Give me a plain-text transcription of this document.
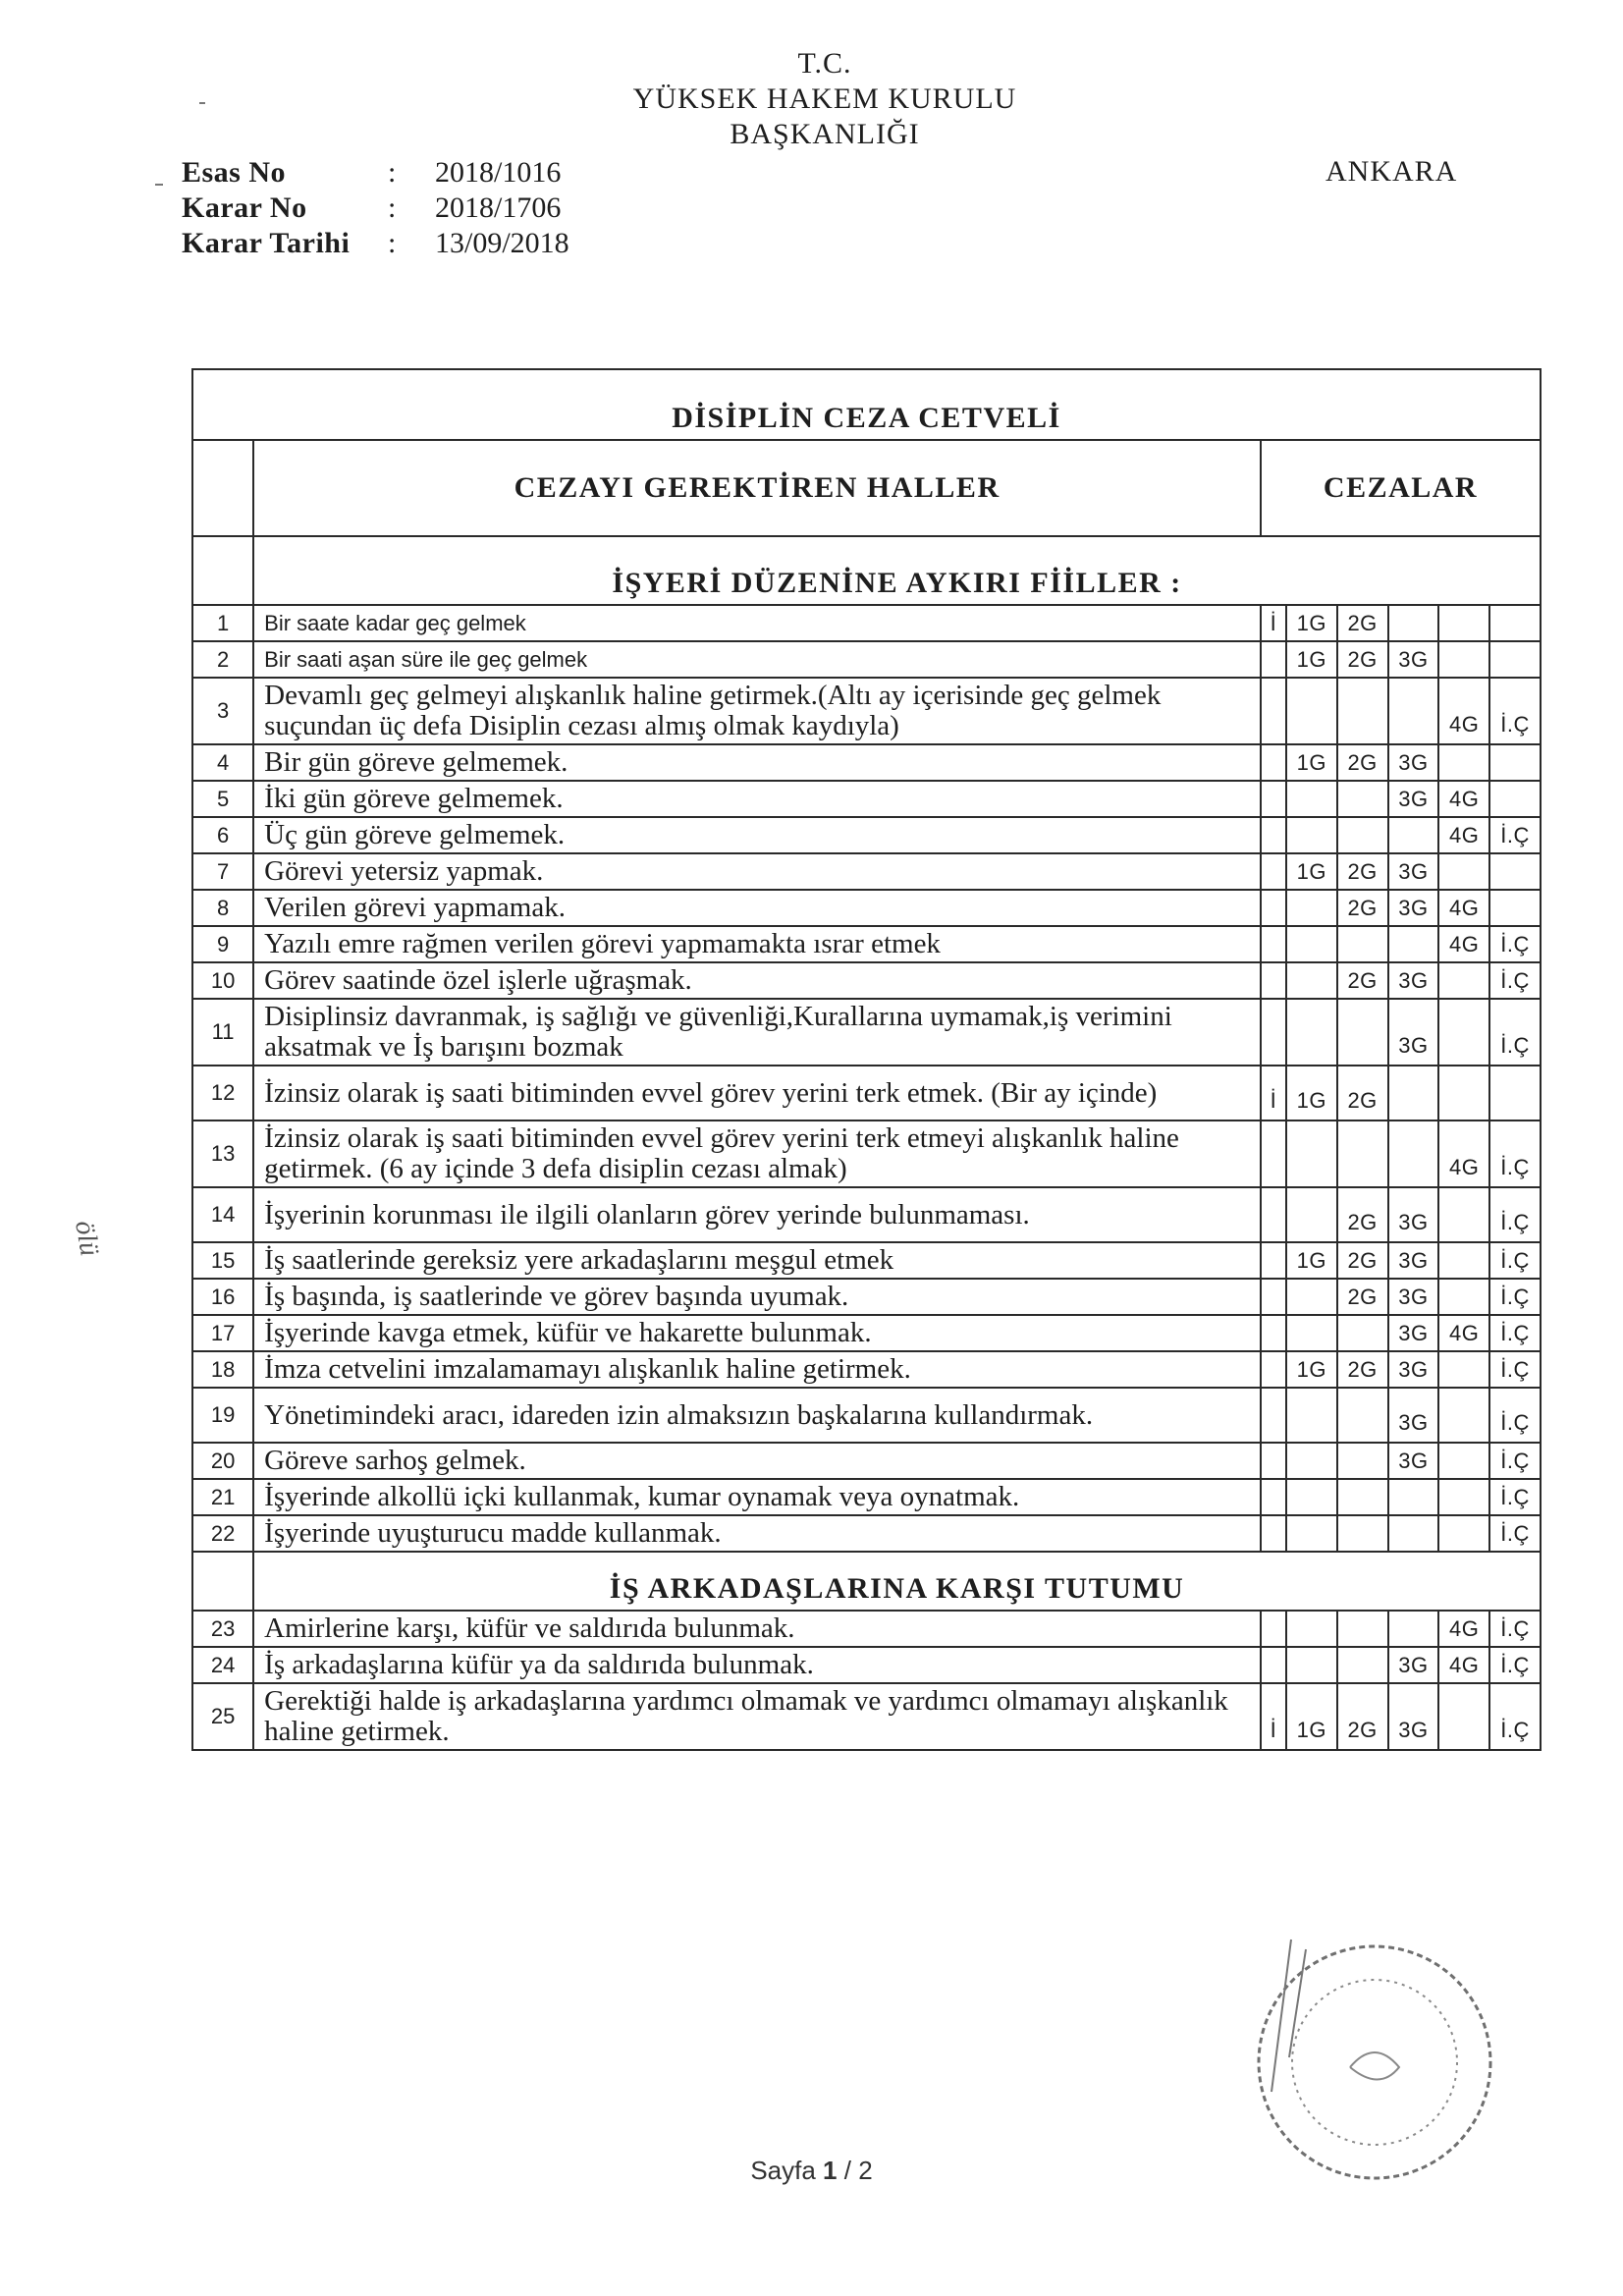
T.C.
YÜKSEK HAKEM KURULU
BAŞKANLIĞI
Esas No	:	2018/1016
Karar No	:	2018/1706
Karar Tarihi	:	13/09/2018
ANKARA
ölü
DİSİPLİN CEZA CETVELİ							
	CEZAYI GEREKTİREN HALLER	CEZALAR					
	İŞYERİ DÜZENİNE AYKIRI FİİLLER :						
1	Bir saate kadar geç gelmek	İ	1G	2G			
2	Bir saati aşan süre ile geç gelmek		1G	2G	3G		
3	Devamlı geç gelmeyi alışkanlık haline getirmek.(Altı ay içerisinde geç gelmek suçundan üç defa Disiplin cezası almış olmak kaydıyla)					4G	İ.Ç
4	Bir gün göreve gelmemek.		1G	2G	3G		
5	İki gün göreve gelmemek.				3G	4G	
6	Üç gün göreve gelmemek.					4G	İ.Ç
7	Görevi yetersiz yapmak.		1G	2G	3G		
8	Verilen görevi yapmamak.			2G	3G	4G	
9	Yazılı emre rağmen verilen görevi yapmamakta ısrar etmek					4G	İ.Ç
10	Görev saatinde özel işlerle uğraşmak.			2G	3G		İ.Ç
11	Disiplinsiz davranmak, iş sağlığı ve güvenliği,Kurallarına uymamak,iş verimini aksatmak ve İş barışını bozmak				3G		İ.Ç
12	İzinsiz olarak iş saati bitiminden evvel görev yerini terk etmek. (Bir ay içinde)	İ	1G	2G			
13	İzinsiz olarak iş saati bitiminden evvel görev yerini terk etmeyi alışkanlık haline getirmek. (6 ay içinde 3 defa disiplin cezası almak)					4G	İ.Ç
14	İşyerinin korunması ile ilgili olanların görev yerinde bulunmaması.			2G	3G		İ.Ç
15	İş saatlerinde gereksiz yere arkadaşlarını meşgul etmek		1G	2G	3G		İ.Ç
16	İş başında, iş saatlerinde ve görev başında uyumak.			2G	3G		İ.Ç
17	İşyerinde kavga etmek, küfür ve hakarette bulunmak.				3G	4G	İ.Ç
18	İmza cetvelini imzalamamayı alışkanlık haline getirmek.		1G	2G	3G		İ.Ç
19	Yönetimindeki aracı, idareden izin almaksızın başkalarına kullandırmak.				3G		İ.Ç
20	Göreve sarhoş gelmek.				3G		İ.Ç
21	İşyerinde alkollü içki kullanmak, kumar oynamak veya oynatmak.						İ.Ç
22	İşyerinde uyuşturucu madde kullanmak.						İ.Ç
	İŞ ARKADAŞLARINA KARŞI TUTUMU						
23	Amirlerine karşı, küfür ve saldırıda bulunmak.					4G	İ.Ç
24	İş arkadaşlarına küfür ya da saldırıda bulunmak.				3G	4G	İ.Ç
25	Gerektiği halde iş arkadaşlarına yardımcı olmamak ve yardımcı olmamayı alışkanlık haline getirmek.	İ	1G	2G	3G		İ.Ç
Sayfa 1 / 2
